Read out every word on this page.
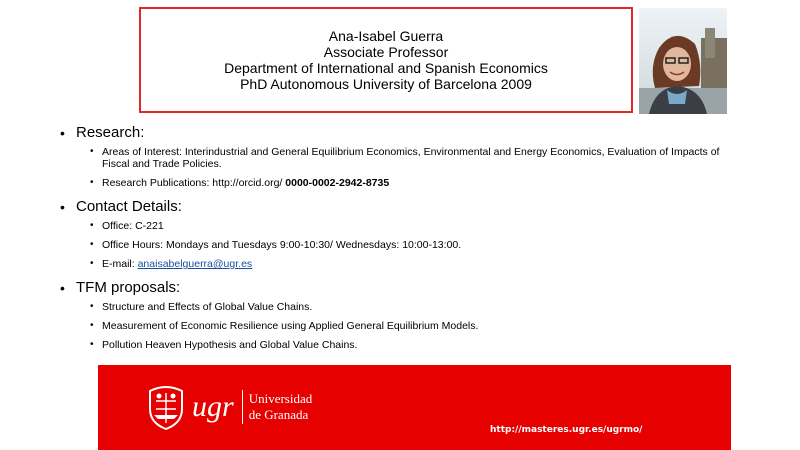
Ana-Isabel Guerra
Associate Professor
Department of International and Spanish Economics
PhD Autonomous University of Barcelona 2009
• Research:
• Areas of Interest: Interindustrial and General Equilibrium Economics, Environmental and Energy Economics, Evaluation of Impacts of Fiscal and Trade Policies.
• Research Publications: http://orcid.org/ 0000-0002-2942-8735
• Contact Details:
• Office: C-221
• Office Hours: Mondays and Tuesdays 9:00-10:30/ Wednesdays: 10:00-13:00.
• E-mail: anaisabelguerra@ugr.es
• TFM proposals:
• Structure and Effects of Global Value Chains.
• Measurement of Economic Resilience using Applied General Equilibrium Models.
• Pollution Heaven Hypothesis and Global Value Chains.
ugr Universidad
de Granada
http://masteres.ugr.es/ugrmo/
